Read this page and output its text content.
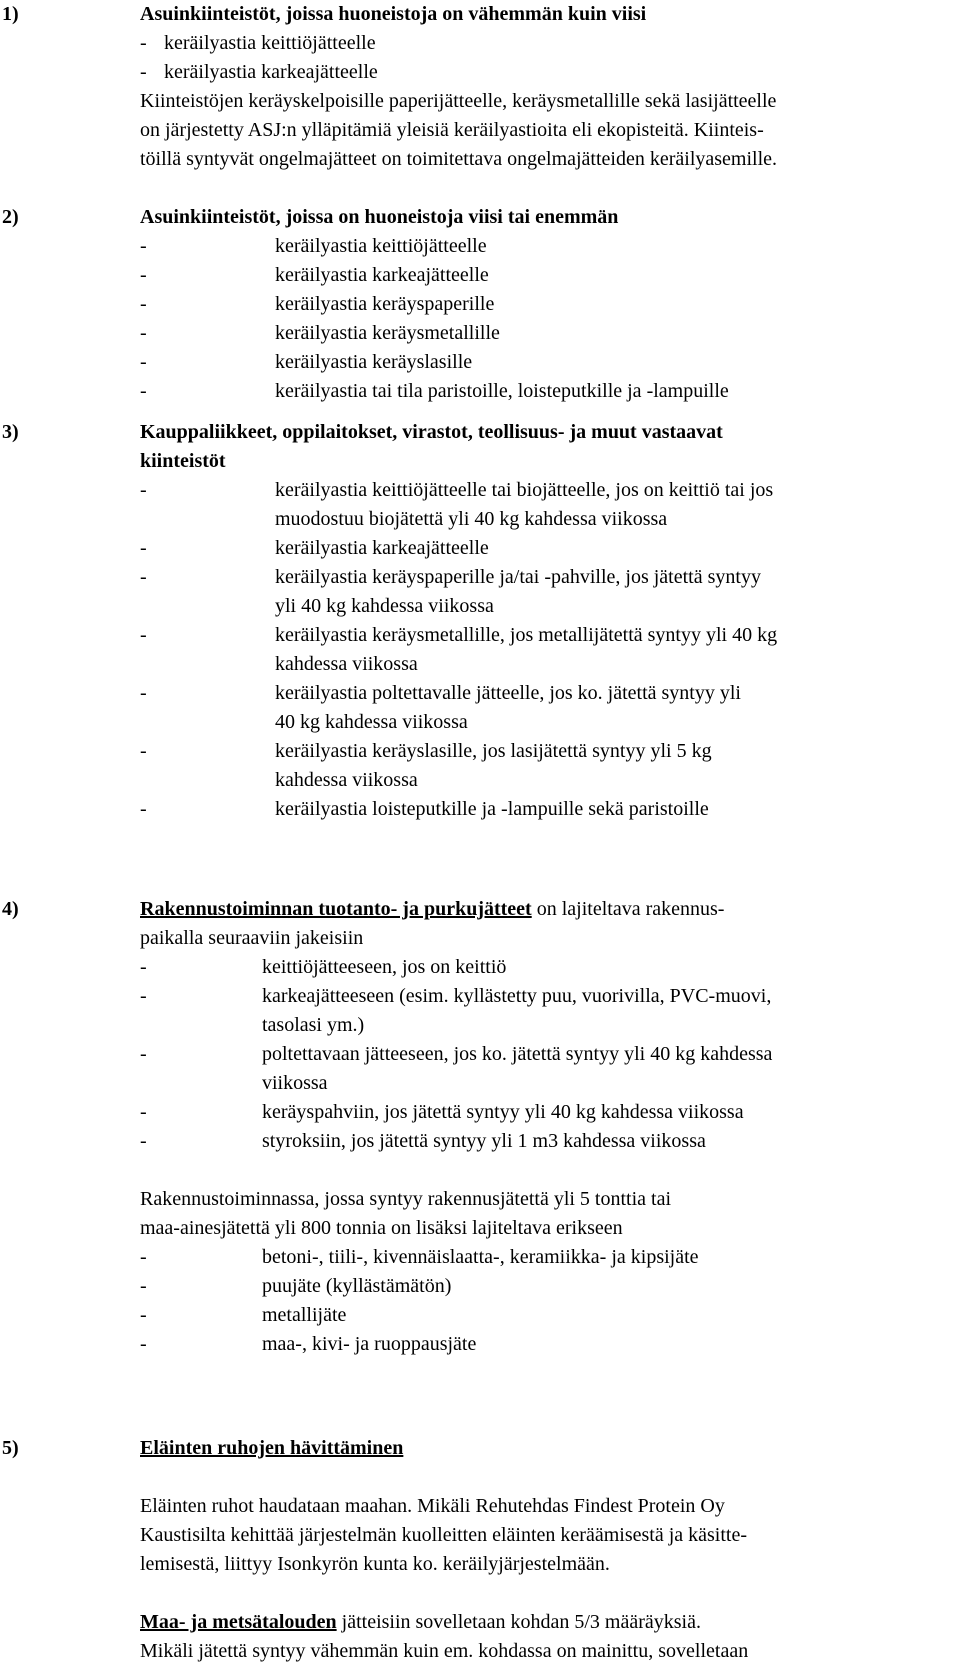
1)	Asuinkiinteistöt, joissa huoneistoja on vähemmän kuin viisi
- keräilyastia keittiöjätteelle
- keräilyastia karkeajätteelle
Kiinteistöjen keräyskelpoisille paperijätteelle, keräysmetallille sekä lasijätteelle
on järjestetty ASJ:n ylläpitämiä yleisiä keräilyastioita eli ekopisteitä. Kiinteis-
töillä syntyvät ongelmajätteet on toimitettava ongelmajätteiden keräilyasemille.
2)	Asuinkiinteistöt, joissa on huoneistoja viisi tai enemmän
-	keräilyastia keittiöjätteelle
-	keräilyastia karkeajätteelle
-	keräilyastia keräyspaperille
-	keräilyastia keräysmetallille
-	keräilyastia keräyslasille
-	keräilyastia tai tila paristoille, loisteputkille ja -lampuille
3)	Kauppaliikkeet, oppilaitokset, virastot, teollisuus- ja muut vastaavat
kiinteistöt
-	keräilyastia keittiöjätteelle tai biojätteelle, jos on keittiö tai jos
muodostuu biojätettä yli 40 kg kahdessa viikossa
-	keräilyastia karkeajätteelle
-	keräilyastia keräyspaperille ja/tai -pahville, jos jätettä syntyy
yli 40 kg kahdessa viikossa
-	keräilyastia keräysmetallille, jos metallijätettä syntyy yli 40 kg
kahdessa viikossa
-	keräilyastia poltettavalle jätteelle, jos ko. jätettä syntyy yli
40 kg kahdessa viikossa
-	keräilyastia keräyslasille, jos lasijätettä syntyy yli 5 kg
kahdessa viikossa
-	keräilyastia loisteputkille ja -lampuille sekä paristoille
4)	Rakennustoiminnan tuotanto- ja purkujätteet on lajiteltava rakennus-
paikalla seuraaviin jakeisiin
-	keittiöjätteeseen, jos on keittiö
-	karkeajätteeseen (esim. kyllästetty puu, vuorivilla, PVC-muovi,
tasolasi ym.)
-	poltettavaan jätteeseen, jos ko. jätettä syntyy yli 40 kg kahdessa
viikossa
-	keräyspahviin, jos jätettä syntyy yli 40 kg kahdessa viikossa
-	styroksiin, jos jätettä syntyy yli 1 m3 kahdessa viikossa
Rakennustoiminnassa, jossa syntyy rakennusjätettä yli 5 tonttia tai
maa-ainesjätettä yli 800 tonnia on lisäksi lajiteltava erikseen
-	betoni-, tiili-, kivennäislaatta-, keramiikka- ja kipsijäte
-	puujäte (kyllästämätön)
-	metallijäte
-	maa-, kivi- ja ruoppausjäte
5)	Eläinten ruhojen hävittäminen
Eläinten ruhot haudataan maahan. Mikäli Rehutehdas Findest Protein Oy
Kaustisilta kehittää järjestelmän kuolleitten eläinten keräämisestä ja käsitte-
lemisestä, liittyy Isonkyrön kunta ko. keräilyjärjestelmään.
Maa- ja metsätalouden jätteisiin sovelletaan kohdan 5/3 määräyksiä.
Mikäli jätettä syntyy vähemmän kuin em. kohdassa on mainittu, sovelletaan
